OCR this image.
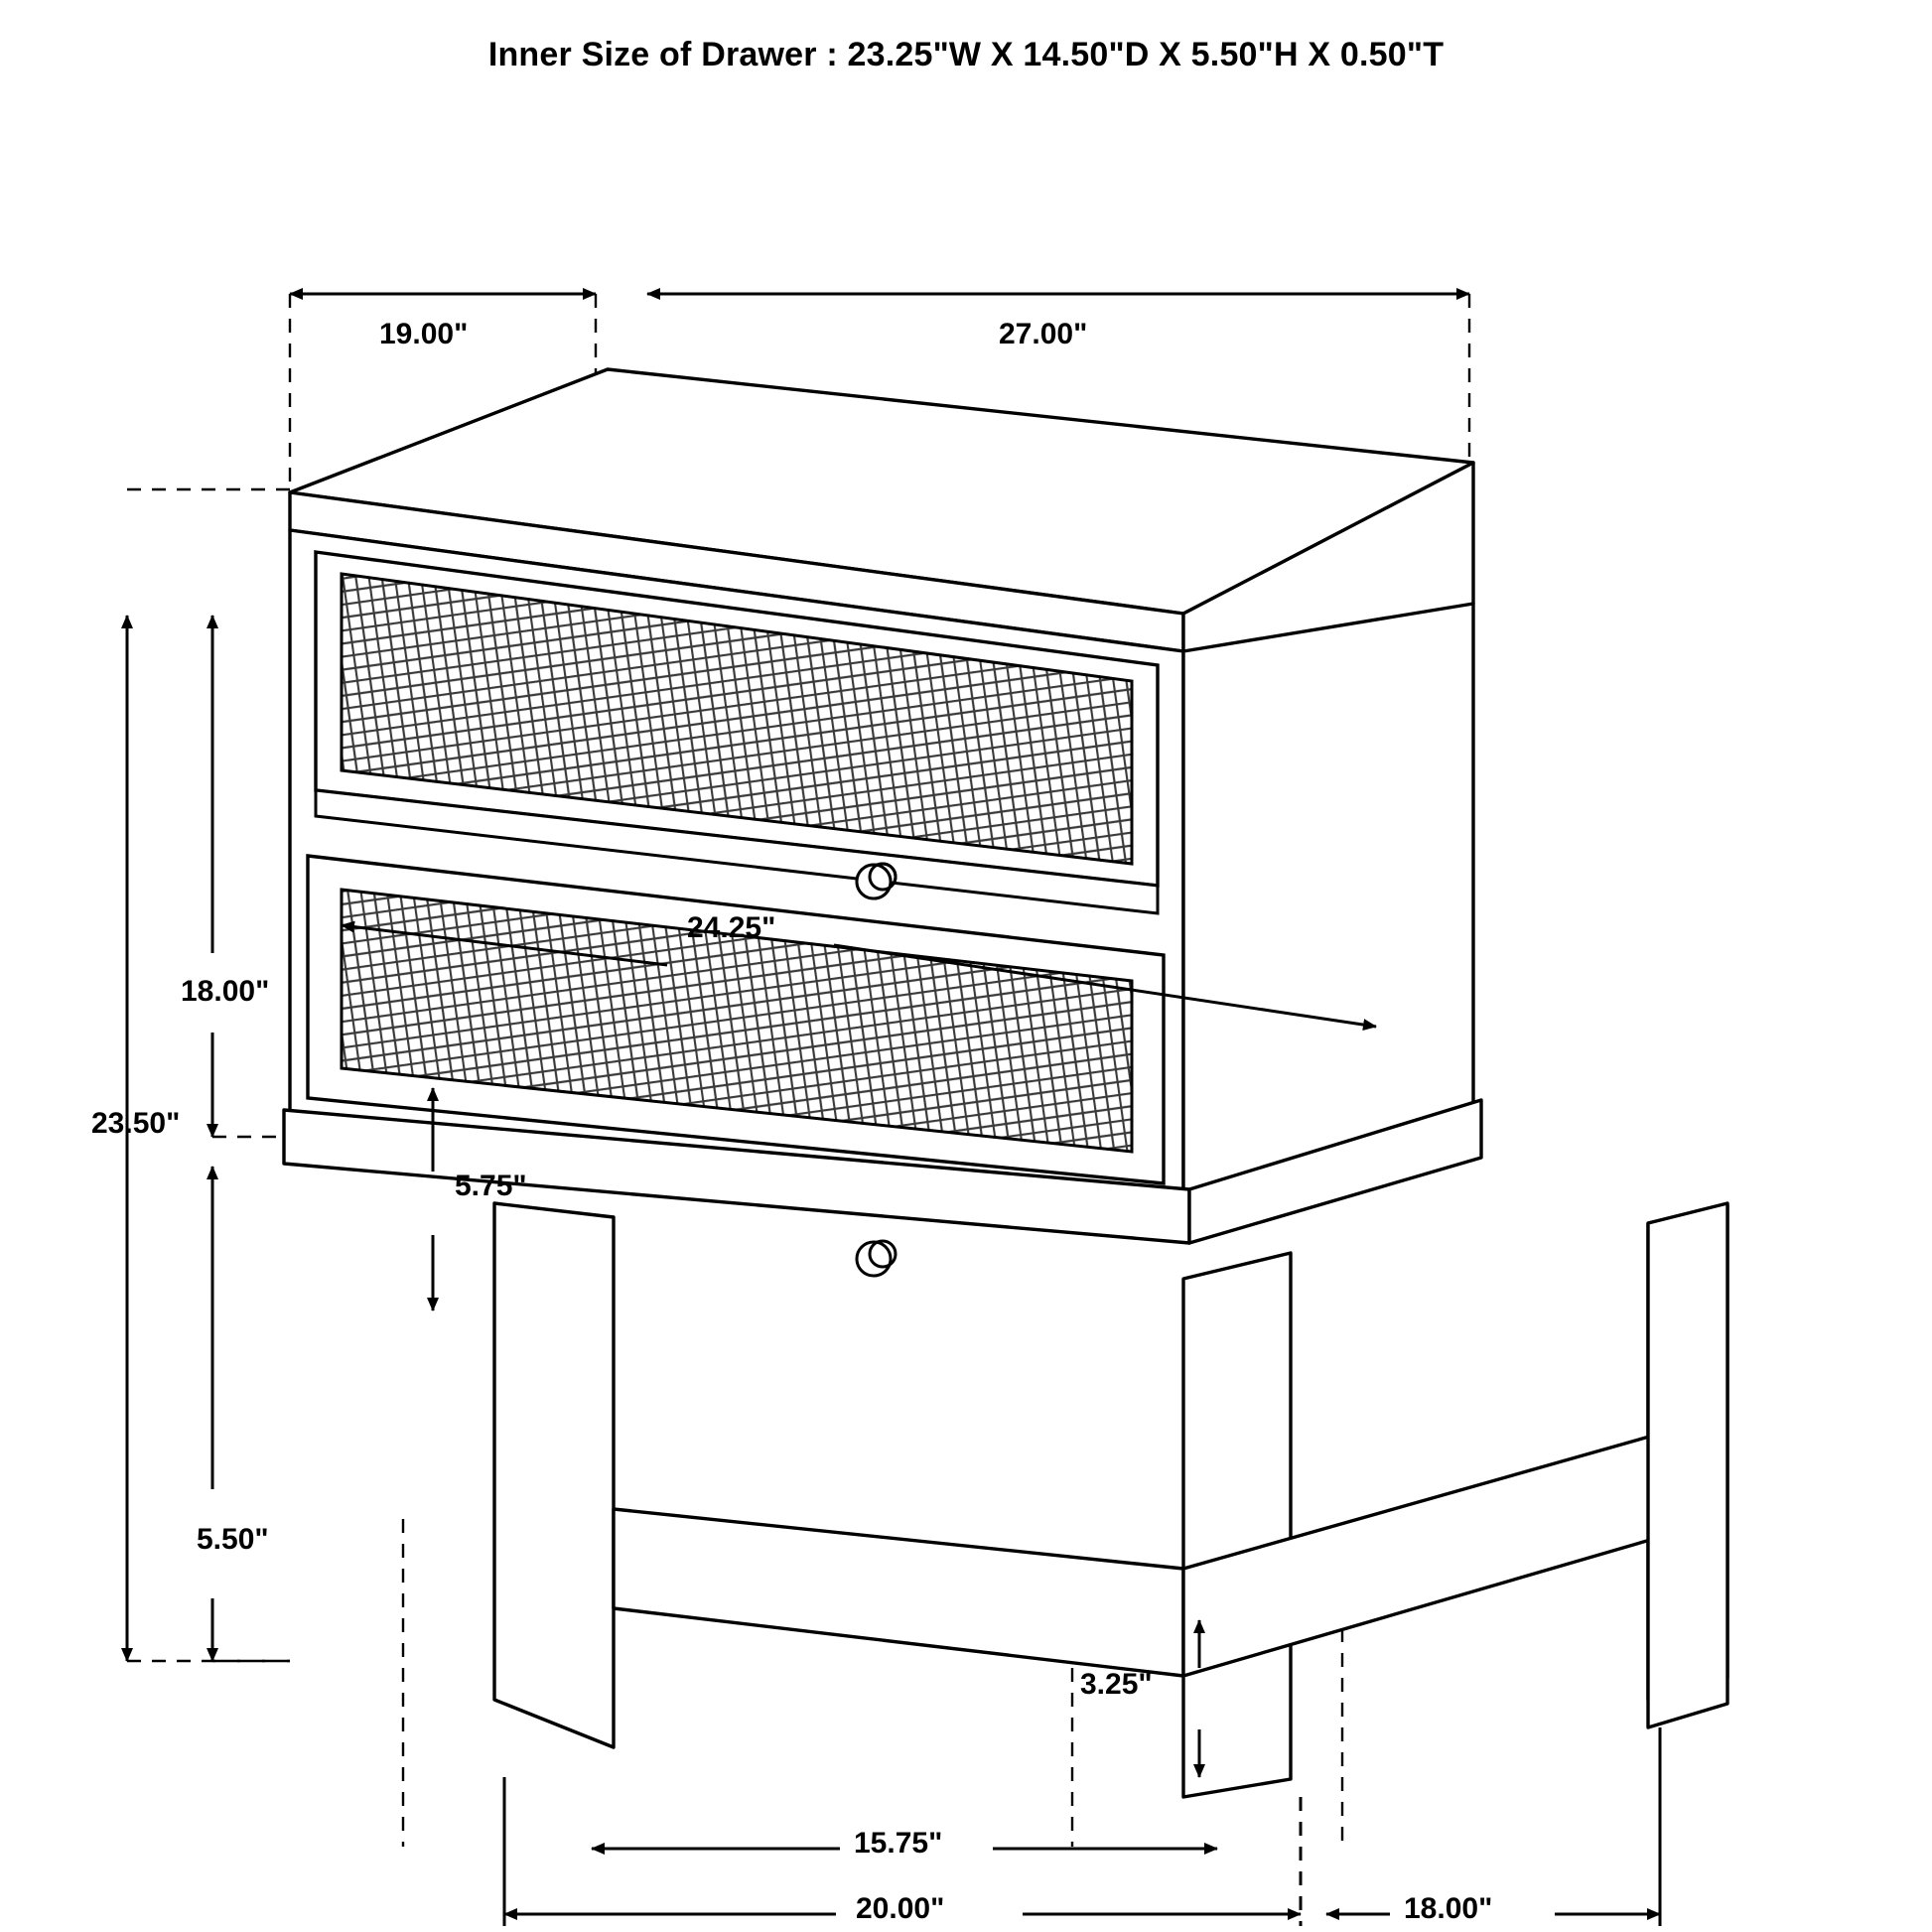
Inner Size of Drawer : 23.25"W X 14.50"D X 5.50"H X 0.50"T
19.00"	27.00"
23.50"
18.00"
5.50"
24.25"
5.75"
3.25"
15.75"
20.00"	18.00"
